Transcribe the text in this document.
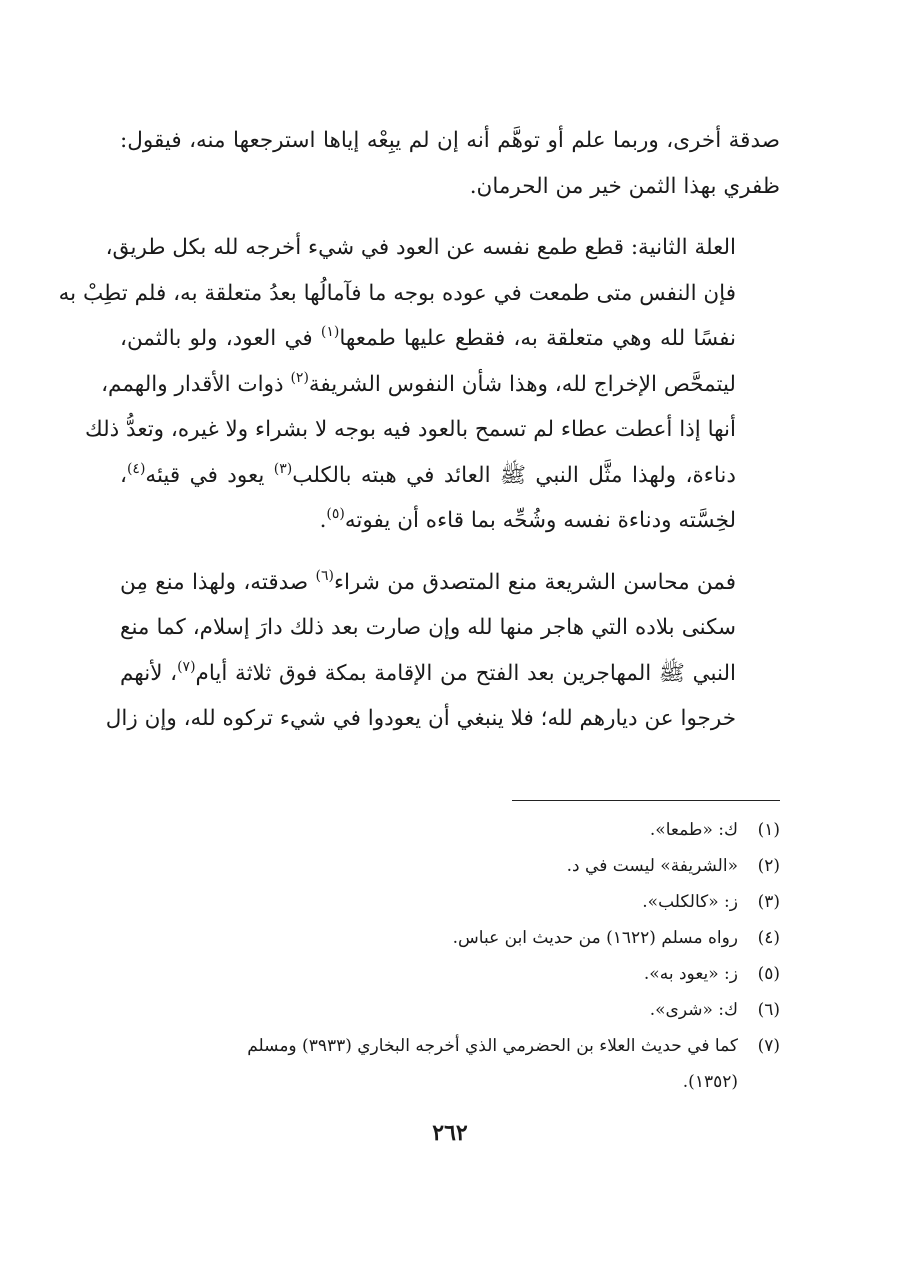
صدقة أخرى، وربما علم أو توهَّم أنه إن لم يبِعْه إياها استرجعها منه، فيقول:
ظفري بهذا الثمن خير من الحرمان.

العلة الثانية: قطع طمع نفسه عن العود في شيء أخرجه لله بكل طريق،
فإن النفس متى طمعت في عوده بوجه ما فآمالُها بعدُ متعلقة به، فلم تطِبْ به
نفسًا لله وهي متعلقة به، فقطع عليها طمعها$^{(١)}$ في العود، ولو بالثمن،
ليتمحَّص الإخراج لله، وهذا شأن النفوس الشريفة$^{(٢)}$ ذوات الأقدار والهمم،
أنها إذا أعطت عطاء لم تسمح بالعود فيه بوجه لا بشراء ولا غيره، وتعدُّ ذلك
دناءة، ولهذا مثَّل النبي ﷺ العائد في هبته بالكلب$^{(٣)}$ يعود في قيئه$^{(٤)}$،
لخِسَّته ودناءة نفسه وشُحِّه بما قاءه أن يفوته$^{(٥)}$.

فمن محاسن الشريعة منع المتصدق من شراء$^{(٦)}$ صدقته، ولهذا منع مِن
سكنى بلاده التي هاجر منها لله وإن صارت بعد ذلك دارَ إسلام، كما منع
النبي ﷺ المهاجرين بعد الفتح من الإقامة بمكة فوق ثلاثة أيام$^{(٧)}$، لأنهم
خرجوا عن ديارهم لله؛ فلا ينبغي أن يعودوا في شيء تركوه لله، وإن زال

(١)
ك: «طمعا».
(٢)
«الشريفة» ليست في د.
(٣)
ز: «كالكلب».
(٤)
رواه مسلم (١٦٢٢) من حديث ابن عباس.
(٥)
ز: «يعود به».
(٦)
ك: «شرى».
(٧)
كما في حديث العلاء بن الحضرمي الذي أخرجه البخاري (٣٩٣٣) ومسلم
(١٣٥٢).
٢٦٢
